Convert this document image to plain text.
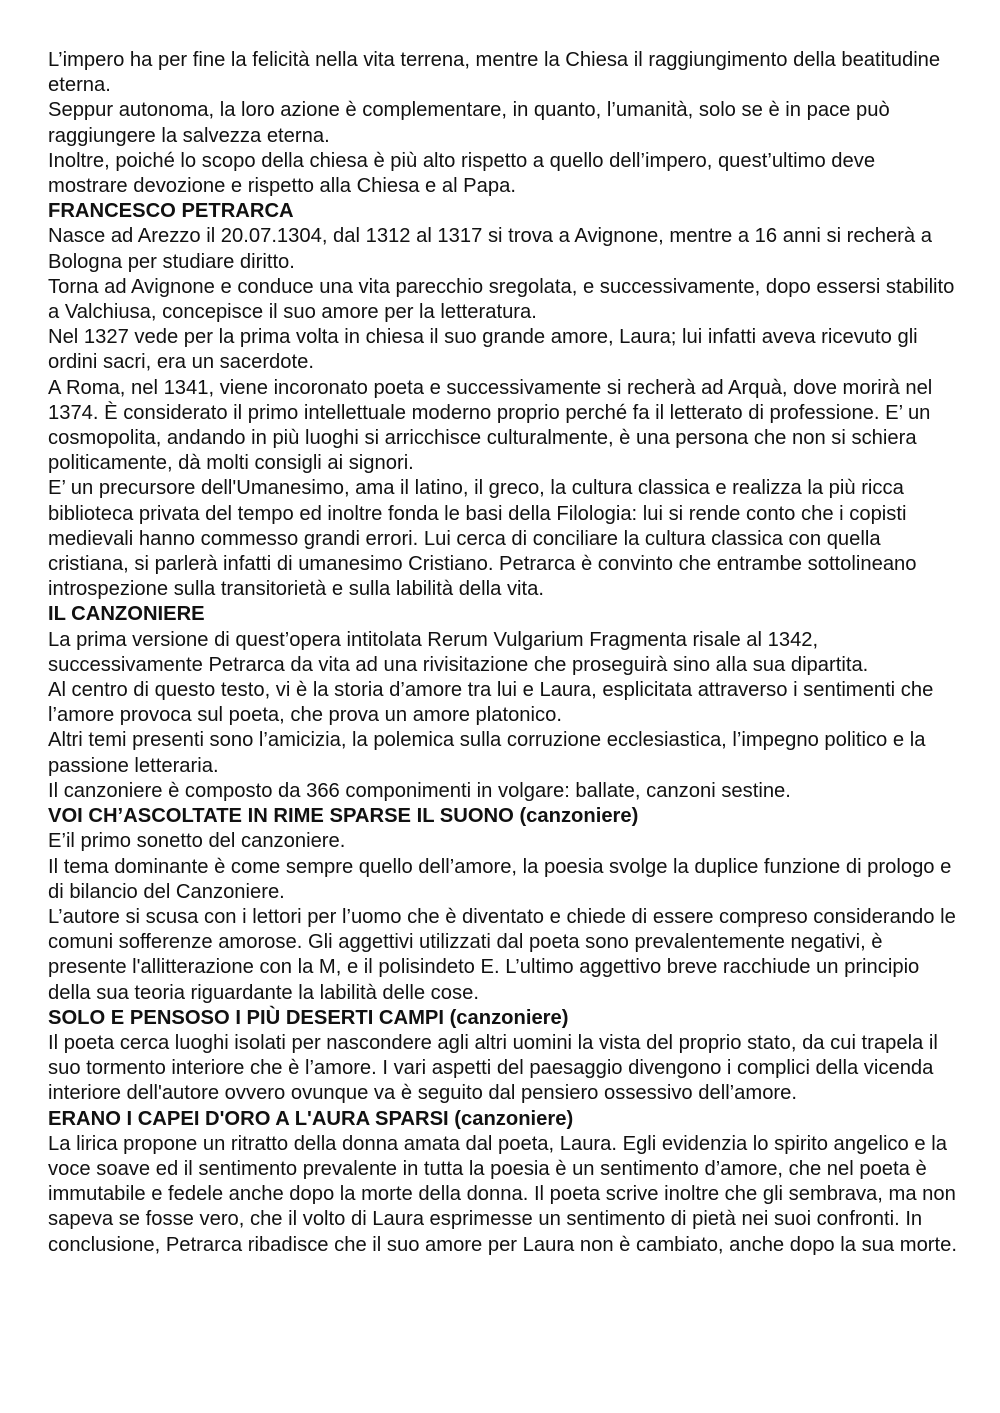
L’impero ha per fine la felicità nella vita terrena, mentre la Chiesa il raggiungimento della beatitudine eterna.

Seppur autonoma, la loro azione è complementare, in quanto, l’umanità, solo se è in pace può raggiungere la salvezza eterna.

Inoltre, poiché lo scopo della chiesa è più alto rispetto a quello dell’impero, quest’ultimo deve mostrare devozione e rispetto alla Chiesa e al Papa.

FRANCESCO PETRARCA

Nasce ad Arezzo il 20.07.1304, dal 1312 al 1317 si trova a Avignone, mentre a 16 anni si recherà a Bologna per studiare diritto.

Torna ad Avignone e conduce una vita parecchio sregolata, e successivamente, dopo essersi stabilito a Valchiusa, concepisce il suo amore per la letteratura.

Nel 1327 vede per la prima volta in chiesa il suo grande amore, Laura; lui infatti aveva ricevuto gli ordini sacri, era un sacerdote.

A Roma, nel 1341, viene incoronato poeta e successivamente si recherà ad Arquà, dove morirà nel 1374. È considerato il primo intellettuale moderno proprio perché fa il letterato di professione. E’ un cosmopolita, andando in più luoghi si arricchisce culturalmente, è una persona che non si schiera politicamente, dà molti consigli ai signori.

E’ un precursore dell'Umanesimo, ama il latino, il greco, la cultura classica e realizza la più ricca biblioteca privata del tempo ed inoltre fonda le basi della Filologia: lui si rende conto che i copisti medievali hanno commesso grandi errori. Lui cerca di conciliare la cultura classica con quella cristiana, si parlerà infatti di umanesimo Cristiano. Petrarca è convinto che entrambe sottolineano introspezione sulla transitorietà e sulla labilità della vita.

IL CANZONIERE

La prima versione di quest’opera intitolata Rerum Vulgarium Fragmenta risale al 1342, successivamente Petrarca da vita ad una rivisitazione che proseguirà sino alla sua dipartita.

Al centro di questo testo, vi è la storia d’amore tra lui e Laura, esplicitata attraverso i sentimenti che l’amore provoca sul poeta, che prova un amore platonico.

Altri temi presenti sono l’amicizia, la polemica sulla corruzione ecclesiastica, l’impegno politico e la passione letteraria.

Il canzoniere è composto da 366 componimenti in volgare: ballate, canzoni sestine.

VOI CH’ASCOLTATE IN RIME SPARSE IL SUONO (canzoniere)

E’il primo sonetto del canzoniere.

Il tema dominante è come sempre quello dell’amore, la poesia svolge la duplice funzione di prologo e di bilancio del Canzoniere.

L’autore si scusa con i lettori per l’uomo che è diventato e chiede di essere compreso considerando le comuni sofferenze amorose. Gli aggettivi utilizzati dal poeta sono prevalentemente negativi, è presente l'allitterazione con la M, e il polisindeto E. L’ultimo aggettivo breve racchiude un principio della sua teoria riguardante la labilità delle cose.

SOLO E PENSOSO I PIÙ DESERTI CAMPI (canzoniere)

Il poeta cerca luoghi isolati per nascondere agli altri uomini la vista del proprio stato, da cui trapela il suo tormento interiore che è l’amore. I vari aspetti del paesaggio divengono i complici della vicenda interiore dell'autore ovvero ovunque va è seguito dal pensiero ossessivo dell’amore.

ERANO I CAPEI D'ORO A L'AURA SPARSI (canzoniere)

La lirica propone un ritratto della donna amata dal poeta, Laura. Egli evidenzia lo spirito angelico e la voce soave ed il sentimento prevalente in tutta la poesia è un sentimento d’amore, che nel poeta è immutabile e fedele anche dopo la morte della donna. Il poeta scrive inoltre che gli sembrava, ma non sapeva se fosse vero, che il volto di Laura esprimesse un sentimento di pietà nei suoi confronti. In conclusione, Petrarca ribadisce che il suo amore per Laura non è cambiato, anche dopo la sua morte.
